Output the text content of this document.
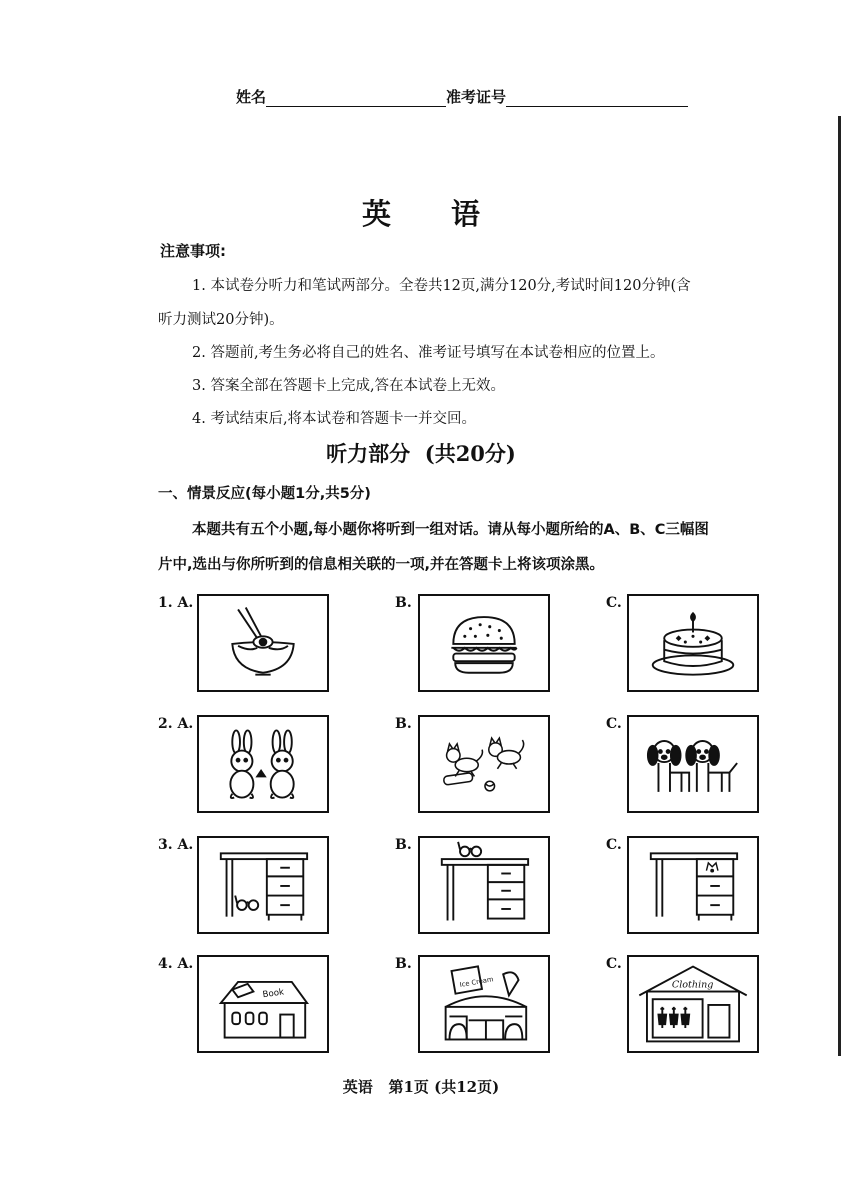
姓名	准考证号
英语
注意事项:
1. 本试卷分听力和笔试两部分。全卷共12页,满分120分,考试时间120分钟(含
听力测试20分钟)。
2. 答题前,考生务必将自己的姓名、准考证号填写在本试卷相应的位置上。
3. 答案全部在答题卡上完成,答在本试卷上无效。
4. 考试结束后,将本试卷和答题卡一并交回。
听力部分  (共20分)
一、情景反应(每小题1分,共5分)
本题共有五个小题,每小题你将听到一组对话。请从每小题所给的A、B、C三幅图
片中,选出与你所听到的信息相关联的一项,并在答题卡上将该项涂黑。
1. A.	B.	C.
2. A.	B.	C.
3. A.	B.	C.
4. A.	B.	C.
Book
Ice Cream	Clothing
英语   第1页 (共12页)
